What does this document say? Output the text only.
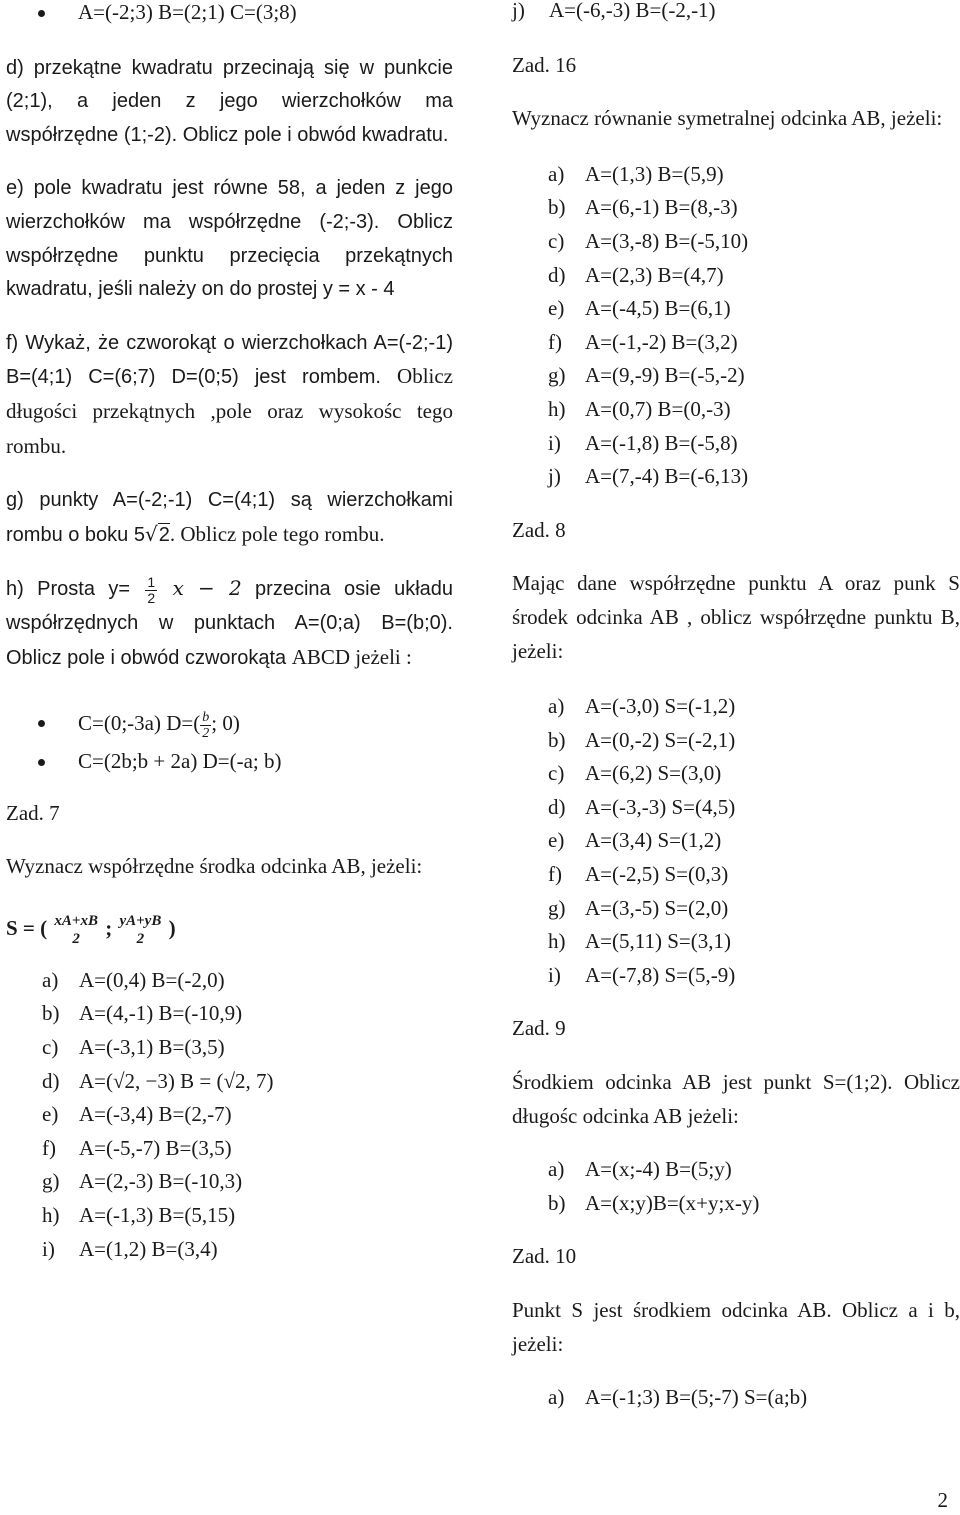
A=(-2;3) B=(2;1) C=(3;8)

d) przekątne kwadratu przecinają się w punkcie (2;1), a jeden z jego wierzchołków ma współrzędne (1;-2). Oblicz pole i obwód kwadratu.

e) pole kwadratu jest równe 58, a jeden z jego wierzchołków ma współrzędne (-2;-3). Oblicz współrzędne punktu przecięcia przekątnych kwadratu, jeśli należy on do prostej y = x - 4

f) Wykaż, że czworokąt o wierzchołkach A=(-2;-1) B=(4;1) C=(6;7) D=(0;5) jest rombem. Oblicz długości przekątnych ,pole oraz wysokośc tego rombu.

g) punkty A=(-2;-1) C=(4;1) są wierzchołkami rombu o boku 5√2. Oblicz pole tego rombu.

h) Prosta $y= \frac{1}{2}$ x − 2 przecina osie układu współrzędnych w punktach A=(0;a) B=(b;0). Oblicz pole i obwód czworokąta ABCD jeżeli :

C=(0;-3a) $D=( \frac{b}{2}$ ; 0)
C=(2b;b + 2a) D=(-a; b)

Zad. 7

Wyznacz współrzędne środka odcinka AB, jeżeli:

S = ( xA+xB
2	; yA+yB
2	)

a) A=(0,4) B=(-2,0)
b) A=(4,-1) B=(-10,9)
c) A=(-3,1) B=(3,5)
d) A=(√2, −3) B = (√2, 7)
e) A=(-3,4) B=(2,-7)
f) A=(-5,-7) B=(3,5)
g) A=(2,-3) B=(-10,3)
h) A=(-1,3) B=(5,15)
i) A=(1,2) B=(3,4)
j) A=(-6,-3) B=(-2,-1)

Zad. 16

Wyznacz równanie symetralnej odcinka AB, jeżeli:

a) A=(1,3) B=(5,9)
b) A=(6,-1) B=(8,-3)
c) A=(3,-8) B=(-5,10)
d) A=(2,3) B=(4,7)
e) A=(-4,5) B=(6,1)
f) A=(-1,-2) B=(3,2)
g) A=(9,-9) B=(-5,-2)
h) A=(0,7) B=(0,-3)
i) A=(-1,8) B=(-5,8)
j) A=(7,-4) B=(-6,13)

Zad. 8

Mając dane współrzędne punktu A oraz punk S środek odcinka AB , oblicz współrzędne punktu B, jeżeli:

a) A=(-3,0) S=(-1,2)
b) A=(0,-2) S=(-2,1)
c) A=(6,2) S=(3,0)
d) A=(-3,-3) S=(4,5)
e) A=(3,4) S=(1,2)
f) A=(-2,5) S=(0,3)
g) A=(3,-5) S=(2,0)
h) A=(5,11) S=(3,1)
i) A=(-7,8) S=(5,-9)

Zad. 9

Środkiem odcinka AB jest punkt S=(1;2). Oblicz długośc odcinka AB jeżeli:

a) A=(x;-4) B=(5;y)
b) A=(x;y)B=(x+y;x-y)

Zad. 10

Punkt S jest środkiem odcinka AB. Oblicz a i b, jeżeli:

a) A=(-1;3) B=(5;-7) S=(a;b)
2
